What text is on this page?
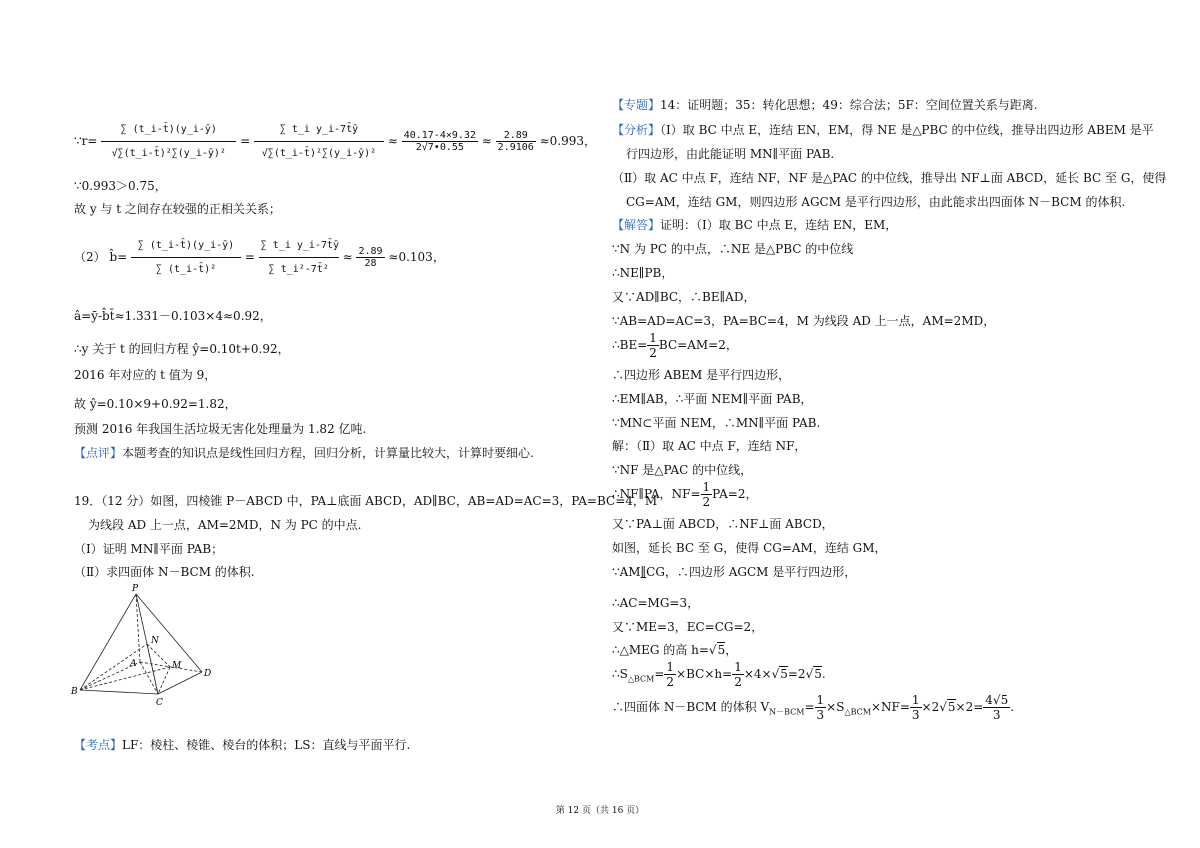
∵r= $\frac{\sum (t\_i-t̄)(y\_i-ȳ)}{\text{√∑(t\_i-t̄)²∑(y\_i-ȳ)²}} = \frac{\text{∑ t\_i y\_i-7t̄ȳ}}{\text{√∑(t\_i-t̄)²∑(y\_i-ȳ)²}} \approx \frac{40.17-4\times 9.32}{2√7•0.55} \approx \frac{2.89}{2.9106} \approx 0.993$，
∵0.993＞0.75，
故 y 与 t 之间存在较强的正相关关系；
（2） b̂= $\frac{\sum (t\_i-t̄)(y\_i-ȳ)}{\text{∑ (t\_i-t̄)²}} = \frac{\text{∑ t\_i y\_i-7t̄ȳ}}{\text{∑ t\_i²-7t̄²}} \approx \frac{2.89}{28} \approx 0.103$，
â=ȳ-b̂t̄≈1.331－0.103×4≈0.92，
∴y 关于 t 的回归方程 ŷ=0.10t+0.92，
2016 年对应的 t 值为 9，
故 ŷ=0.10×9+0.92=1.82，
预测 2016 年我国生活垃圾无害化处理量为 1.82 亿吨.
【点评】本题考查的知识点是线性回归方程，回归分析，计算量比较大，计算时要细心.
19．（12 分）如图，四棱锥 P－ABCD 中，PA⊥底面 ABCD，AD∥BC，AB=AD=AC=3，PA=BC=4，M
为线段 AD 上一点，AM=2MD，N 为 PC 的中点.
（Ⅰ）证明 MN∥平面 PAB；
（Ⅱ）求四面体 N－BCM 的体积.
P
N
A	M
D
B
C
【考点】LF：棱柱、棱锥、棱台的体积；LS：直线与平面平行.
【专题】14：证明题；35：转化思想；49：综合法；5F：空间位置关系与距离.
【分析】（Ⅰ）取 BC 中点 E，连结 EN，EM，得 NE 是△PBC 的中位线，推导出四边形 ABEM 是平
行四边形，由此能证明 MN∥平面 PAB.
（Ⅱ）取 AC 中点 F，连结 NF，NF 是△PAC 的中位线，推导出 NF⊥面 ABCD，延长 BC 至 G，使得
CG=AM，连结 GM，则四边形 AGCM 是平行四边形，由此能求出四面体 N－BCM 的体积.
【解答】证明：（Ⅰ）取 BC 中点 E，连结 EN，EM，
∵N 为 PC 的中点，∴NE 是△PBC 的中位线
∴NE∥PB，
又∵AD∥BC，∴BE∥AD，
∵AB=AD=AC=3，PA=BC=4，M 为线段 AD 上一点，AM=2MD，
∴BE= $\frac{1}{2} BC=AM=2$，
∴四边形 ABEM 是平行四边形，
∴EM∥AB，∴平面 NEM∥平面 PAB，
∵MN⊂平面 NEM，∴MN∥平面 PAB.
解：（Ⅱ）取 AC 中点 F，连结 NF，
∵NF 是△PAC 的中位线，
∴NF∥PA，$NF= \frac{1}{2} PA=2$，
又∵PA⊥面 ABCD，∴NF⊥面 ABCD，
如图，延长 BC 至 G，使得 CG=AM，连结 GM，
∵AM∥CG，∴四边形 AGCM 是平行四边形，
∴AC=MG=3，
又∵ME=3，EC=CG=2，
∴△MEG 的高 h=√5，
$\therefore S_{\triangle BCM}= \frac{1}{2} \times BC\times h= \frac{1}{2} \times 4\times√5=2√5$.
∴四面体 N－BCM 的体积 $V_{N-BCM}= \frac{1}{3} \times S_{\triangle BCM}\times NF= \frac{1}{3} \times 2√5\times 2= \frac{4√5}{3}$ .
第 12 页（共 16 页）
